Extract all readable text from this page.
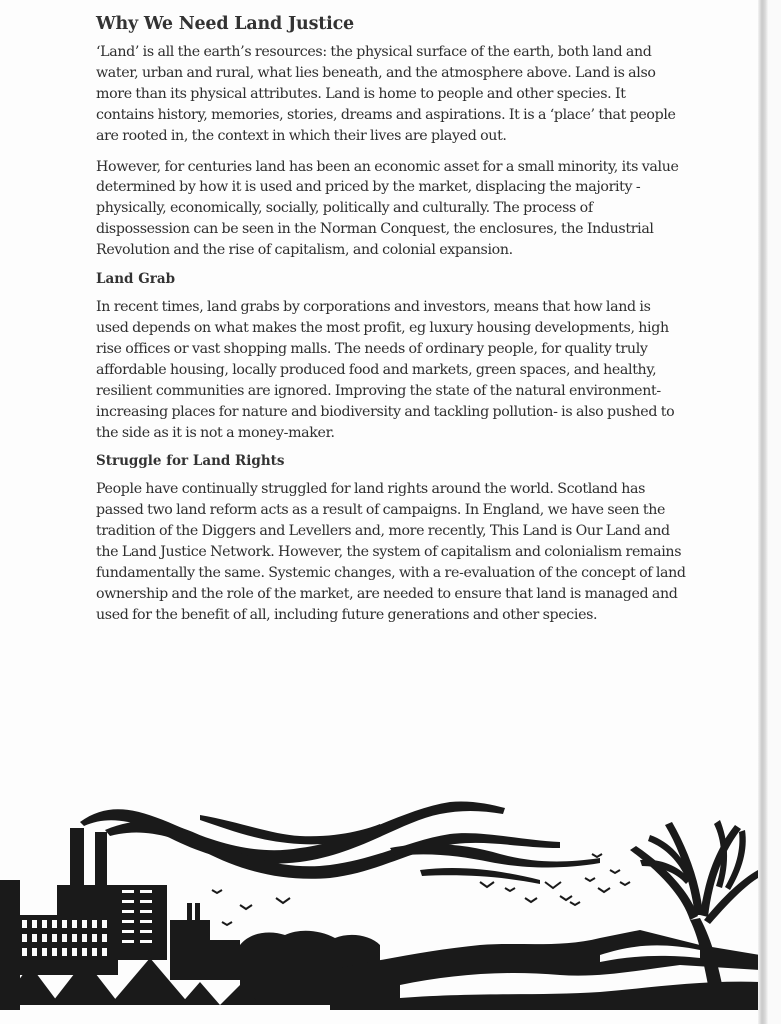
Why We Need Land Justice

‘Land’ is all the earth’s resources: the physical surface of the earth, both land and water, urban and rural, what lies beneath, and the atmosphere above. Land is also more than its physical attributes. Land is home to people and other species. It contains history, memories, stories, dreams and aspirations. It is a ‘place’ that people are rooted in, the context in which their lives are played out.

However, for centuries land has been an economic asset for a small minority, its value determined by how it is used and priced by the market, displacing the majority - physically, economically, socially, politically and culturally. The process of dispossession can be seen in the Norman Conquest, the enclosures, the Industrial Revolution and the rise of capitalism, and colonial expansion.

Land Grab

In recent times, land grabs by corporations and investors, means that how land is used depends on what makes the most profit, eg luxury housing developments, high rise offices or vast shopping malls. The needs of ordinary people, for quality truly affordable housing, locally produced food and markets, green spaces, and healthy, resilient communities are ignored. Improving the state of the natural environment- increasing places for nature and biodiversity and tackling pollution- is also pushed to the side as it is not a money-maker.

Struggle for Land Rights

People have continually struggled for land rights around the world. Scotland has passed two land reform acts as a result of campaigns. In England, we have seen the tradition of the Diggers and Levellers and, more recently, This Land is Our Land and the Land Justice Network. However, the system of capitalism and colonialism remains fundamentally the same. Systemic changes, with a re-evaluation of the concept of land ownership and the role of the market, are needed to ensure that land is managed and used for the benefit of all, including future generations and other species.
